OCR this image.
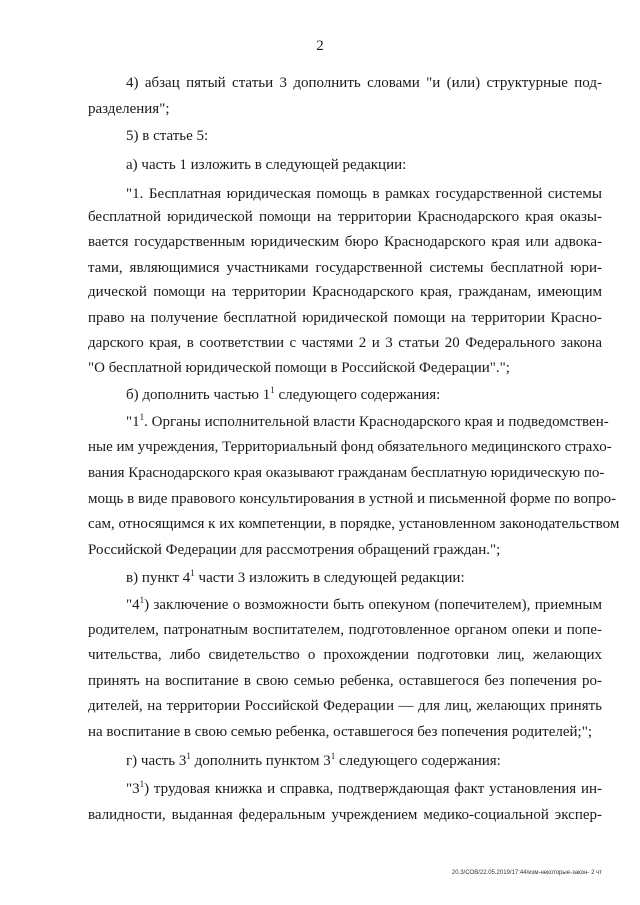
2
4) абзац пятый статьи 3 дополнить словами "и (или) структурные под-
разделения";
5) в статье 5:
а) часть 1 изложить в следующей редакции:
"1. Бесплатная юридическая помощь в рамках государственной системы
бесплатной юридической помощи на территории Краснодарского края оказы-
вается государственным юридическим бюро Краснодарского края или адвока-
тами, являющимися участниками государственной системы бесплатной юри-
дической помощи на территории Краснодарского края, гражданам, имеющим
право на получение бесплатной юридической помощи на территории Красно-
дарского края, в соответствии с частями 2 и 3 статьи 20 Федерального закона
"О бесплатной юридической помощи в Российской Федерации".";
б) дополнить частью $1^1$ следующего содержания:
"$1^1$. Органы исполнительной власти Краснодарского края и подведомствен-
ные им учреждения, Территориальный фонд обязательного медицинского страхо-
вания Краснодарского края оказывают гражданам бесплатную юридическую по-
мощь в виде правового консультирования в устной и письменной форме по вопро-
сам, относящимся к их компетенции, в порядке, установленном законодательством
Российской Федерации для рассмотрения обращений граждан.";
в) пункт $4^1$ части 3 изложить в следующей редакции:
"$4^1$) заключение о возможности быть опекуном (попечителем), приемным
родителем, патронатным воспитателем, подготовленное органом опеки и попе-
чительства, либо свидетельство о прохождении подготовки лиц, желающих
принять на воспитание в свою семью ребенка, оставшегося без попечения ро-
дителей, на территории Российской Федерации — для лиц, желающих принять
на воспитание в свою семью ребенка, оставшегося без попечения родителей;";
г) часть $3^1$ дополнить пунктом $3^1$ следующего содержания:
"$3^1$) трудовая книжка и справка, подтверждающая факт установления ин-
валидности, выданная федеральным учреждением медико-социальной экспер-
20.3/COB/22.05.2019/17:44/изм-некоторые-закон- 2 чт
